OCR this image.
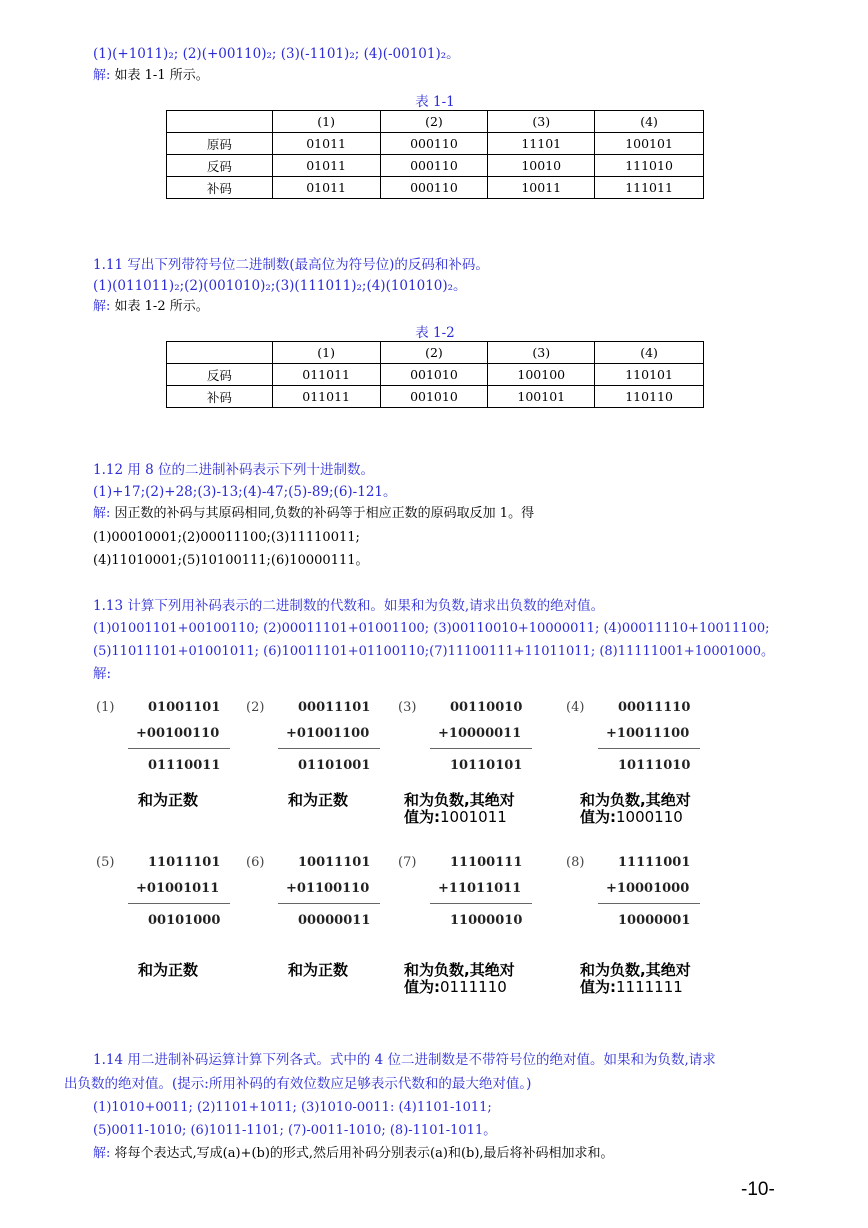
(1)(+1011)₂; (2)(+00110)₂; (3)(-1101)₂; (4)(-00101)₂。
解: 如表 1-1 所示。
表 1-1
	(1)	(2)	(3)	(4)
原码	01011	000110	11101	100101
反码	01011	000110	10010	111010
补码	01011	000110	10011	111011
1.11 写出下列带符号位二进制数(最高位为符号位)的反码和补码。
(1)(011011)₂;(2)(001010)₂;(3)(111011)₂;(4)(101010)₂。
解: 如表 1-2 所示。
表 1-2
	(1)	(2)	(3)	(4)
反码	011011	001010	100100	110101
补码	011011	001010	100101	110110
1.12 用 8 位的二进制补码表示下列十进制数。
(1)+17;(2)+28;(3)-13;(4)-47;(5)-89;(6)-121。
解: 因正数的补码与其原码相同,负数的补码等于相应正数的原码取反加 1。得
(1)00010001;(2)00011100;(3)11110011;
(4)11010001;(5)10100111;(6)10000111。
1.13 计算下列用补码表示的二进制数的代数和。如果和为负数,请求出负数的绝对值。
(1)01001101+00100110; (2)00011101+01001100; (3)00110010+10000011; (4)00011110+10011100;
(5)11011101+01001011; (6)10011101+01100110;(7)11100111+11011011; (8)11111001+10001000。
解:
(1)	01001101
+00100110
01110011
和为正数
(2)	00011101
+01001100
01101001
和为正数
(3)	00110010
+10000011
10110101
和为负数,其绝对
值为:1001011
(4)	00011110
+10011100
10111010
和为负数,其绝对
值为:1000110
(5)	11011101
+01001011
00101000
和为正数
(6)	10011101
+01100110
00000011
和为正数
(7)	11100111
+11011011
11000010
和为负数,其绝对
值为:0111110
(8)	11111001
+10001000
10000001
和为负数,其绝对
值为:1111111
1.14 用二进制补码运算计算下列各式。式中的 4 位二进制数是不带符号位的绝对值。如果和为负数,请求
出负数的绝对值。(提示:所用补码的有效位数应足够表示代数和的最大绝对值。)
(1)1010+0011; (2)1101+1011; (3)1010-0011: (4)1101-1011;
(5)0011-1010; (6)1011-1101; (7)-0011-1010; (8)-1101-1011。
解: 将每个表达式,写成(a)+(b)的形式,然后用补码分别表示(a)和(b),最后将补码相加求和。
-10-
